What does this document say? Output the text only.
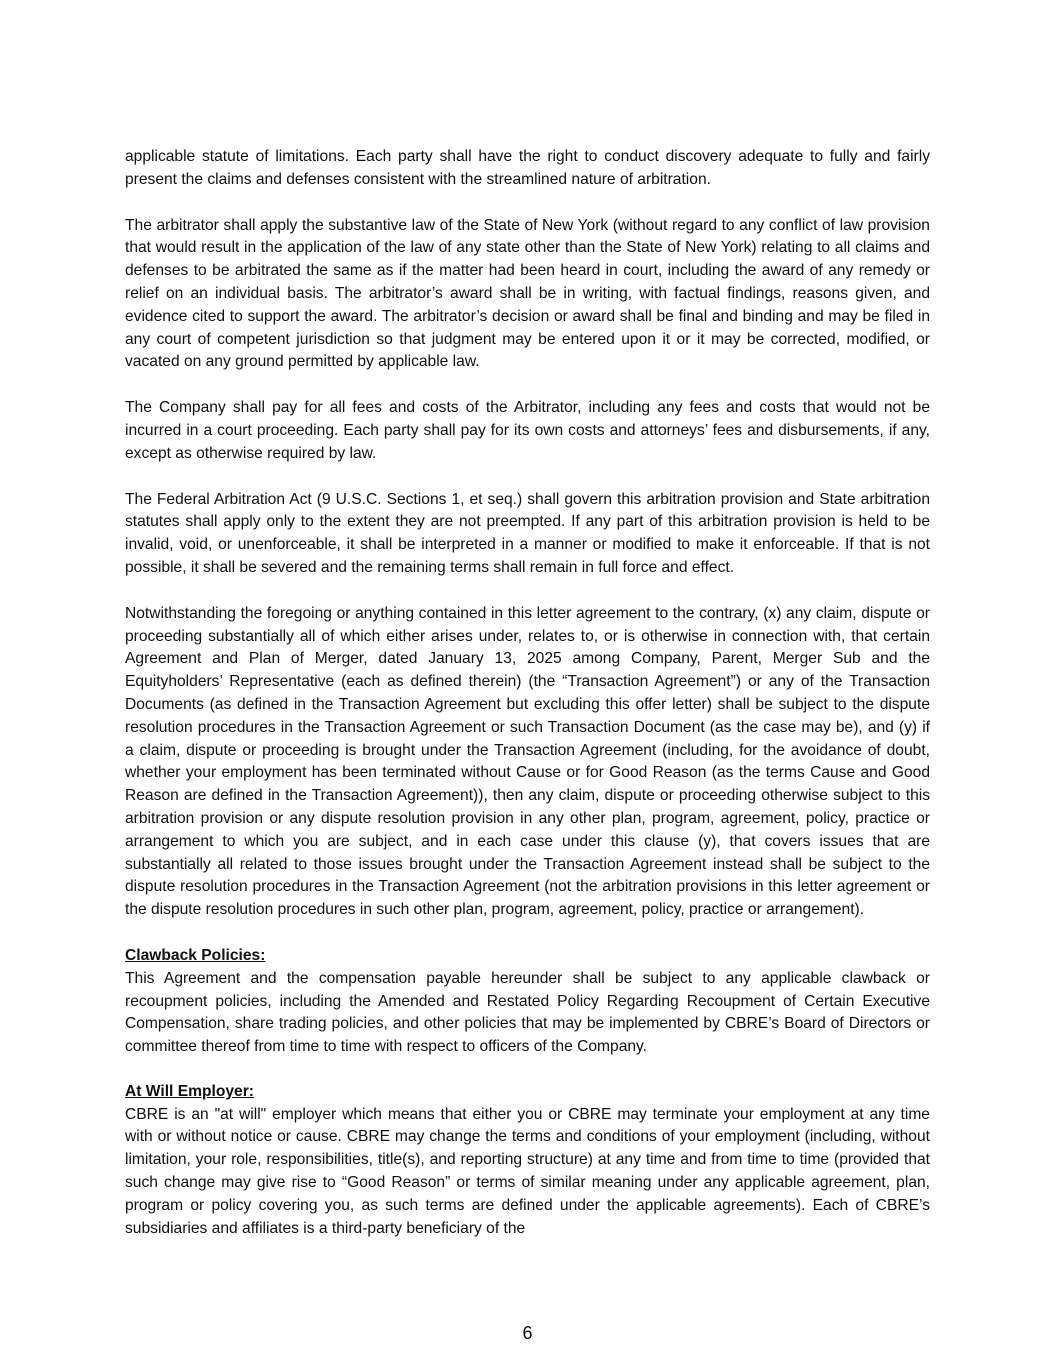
applicable statute of limitations. Each party shall have the right to conduct discovery adequate to fully and fairly present the claims and defenses consistent with the streamlined nature of arbitration.

The arbitrator shall apply the substantive law of the State of New York (without regard to any conflict of law provision that would result in the application of the law of any state other than the State of New York) relating to all claims and defenses to be arbitrated the same as if the matter had been heard in court, including the award of any remedy or relief on an individual basis. The arbitrator’s award shall be in writing, with factual findings, reasons given, and evidence cited to support the award. The arbitrator’s decision or award shall be final and binding and may be filed in any court of competent jurisdiction so that judgment may be entered upon it or it may be corrected, modified, or vacated on any ground permitted by applicable law.

The Company shall pay for all fees and costs of the Arbitrator, including any fees and costs that would not be incurred in a court proceeding. Each party shall pay for its own costs and attorneys’ fees and disbursements, if any, except as otherwise required by law.

The Federal Arbitration Act (9 U.S.C. Sections 1, et seq.) shall govern this arbitration provision and State arbitration statutes shall apply only to the extent they are not preempted. If any part of this arbitration provision is held to be invalid, void, or unenforceable, it shall be interpreted in a manner or modified to make it enforceable. If that is not possible, it shall be severed and the remaining terms shall remain in full force and effect.

Notwithstanding the foregoing or anything contained in this letter agreement to the contrary, (x) any claim, dispute or proceeding substantially all of which either arises under, relates to, or is otherwise in connection with, that certain Agreement and Plan of Merger, dated January 13, 2025 among Company, Parent, Merger Sub and the Equityholders’ Representative (each as defined therein) (the “Transaction Agreement”) or any of the Transaction Documents (as defined in the Transaction Agreement but excluding this offer letter) shall be subject to the dispute resolution procedures in the Transaction Agreement or such Transaction Document (as the case may be), and (y) if a claim, dispute or proceeding is brought under the Transaction Agreement (including, for the avoidance of doubt, whether your employment has been terminated without Cause or for Good Reason (as the terms Cause and Good Reason are defined in the Transaction Agreement)), then any claim, dispute or proceeding otherwise subject to this arbitration provision or any dispute resolution provision in any other plan, program, agreement, policy, practice or arrangement to which you are subject, and in each case under this clause (y), that covers issues that are substantially all related to those issues brought under the Transaction Agreement instead shall be subject to the dispute resolution procedures in the Transaction Agreement (not the arbitration provisions in this letter agreement or the dispute resolution procedures in such other plan, program, agreement, policy, practice or arrangement).

Clawback Policies:

This Agreement and the compensation payable hereunder shall be subject to any applicable clawback or recoupment policies, including the Amended and Restated Policy Regarding Recoupment of Certain Executive Compensation, share trading policies, and other policies that may be implemented by CBRE’s Board of Directors or committee thereof from time to time with respect to officers of the Company.

At Will Employer:

CBRE is an "at will" employer which means that either you or CBRE may terminate your employment at any time with or without notice or cause. CBRE may change the terms and conditions of your employment (including, without limitation, your role, responsibilities, title(s), and reporting structure) at any time and from time to time (provided that such change may give rise to “Good Reason” or terms of similar meaning under any applicable agreement, plan, program or policy covering you, as such terms are defined under the applicable agreements). Each of CBRE’s subsidiaries and affiliates is a third-party beneficiary of the

6
